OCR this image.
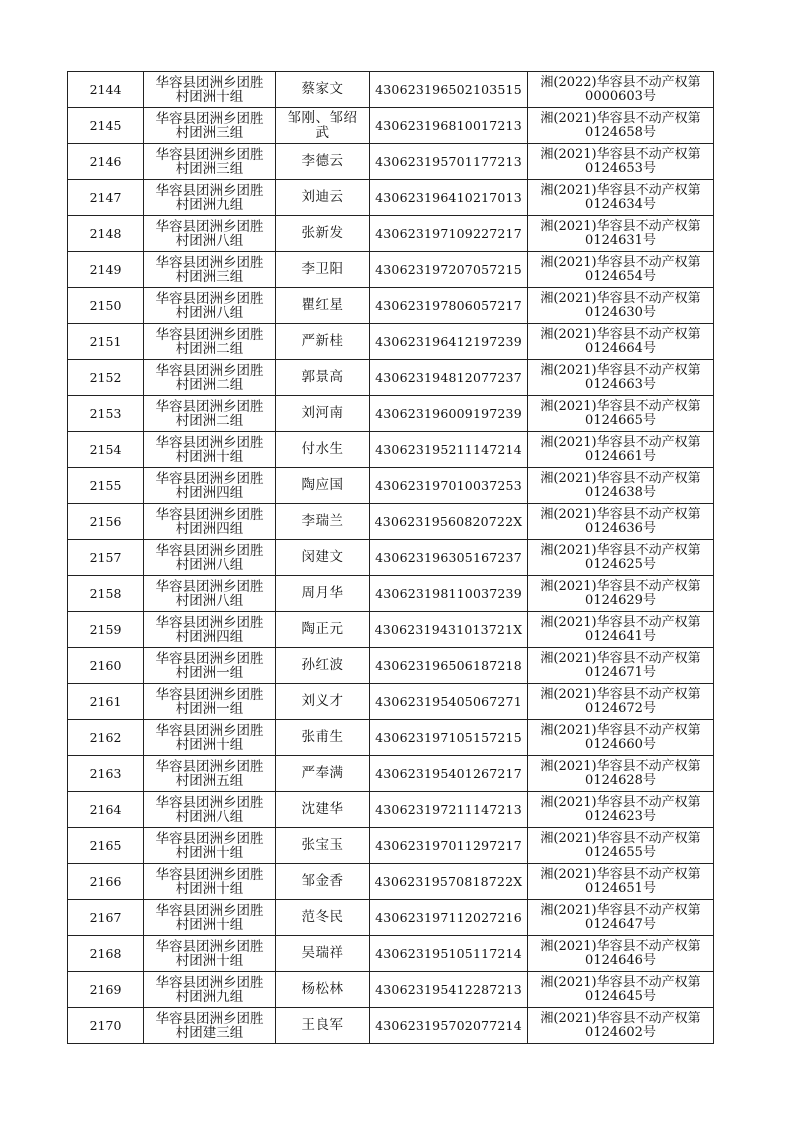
2144	华容县团洲乡团胜
村团洲十组	蔡家文	430623196502103515	湘(2022)华容县不动产权第
0000603号

2145	华容县团洲乡团胜
村团洲三组	邹刚、邹绍
武	430623196810017213	湘(2021)华容县不动产权第
0124658号

2146	华容县团洲乡团胜
村团洲三组	李德云	430623195701177213	湘(2021)华容县不动产权第
0124653号

2147	华容县团洲乡团胜
村团洲九组	刘迪云	430623196410217013	湘(2021)华容县不动产权第
0124634号

2148	华容县团洲乡团胜
村团洲八组	张新发	430623197109227217	湘(2021)华容县不动产权第
0124631号

2149	华容县团洲乡团胜
村团洲三组	李卫阳	430623197207057215	湘(2021)华容县不动产权第
0124654号

2150	华容县团洲乡团胜
村团洲八组	瞿红星	430623197806057217	湘(2021)华容县不动产权第
0124630号

2151	华容县团洲乡团胜
村团洲二组	严新桂	430623196412197239	湘(2021)华容县不动产权第
0124664号

2152	华容县团洲乡团胜
村团洲二组	郭景高	430623194812077237	湘(2021)华容县不动产权第
0124663号

2153	华容县团洲乡团胜
村团洲二组	刘河南	430623196009197239	湘(2021)华容县不动产权第
0124665号

2154	华容县团洲乡团胜
村团洲十组	付水生	430623195211147214	湘(2021)华容县不动产权第
0124661号

2155	华容县团洲乡团胜
村团洲四组	陶应国	430623197010037253	湘(2021)华容县不动产权第
0124638号

2156	华容县团洲乡团胜
村团洲四组	李瑞兰	43062319560820722X	湘(2021)华容县不动产权第
0124636号

2157	华容县团洲乡团胜
村团洲八组	闵建文	430623196305167237	湘(2021)华容县不动产权第
0124625号

2158	华容县团洲乡团胜
村团洲八组	周月华	430623198110037239	湘(2021)华容县不动产权第
0124629号

2159	华容县团洲乡团胜
村团洲四组	陶正元	43062319431013721X	湘(2021)华容县不动产权第
0124641号

2160	华容县团洲乡团胜
村团洲一组	孙红波	430623196506187218	湘(2021)华容县不动产权第
0124671号

2161	华容县团洲乡团胜
村团洲一组	刘义才	430623195405067271	湘(2021)华容县不动产权第
0124672号

2162	华容县团洲乡团胜
村团洲十组	张甫生	430623197105157215	湘(2021)华容县不动产权第
0124660号

2163	华容县团洲乡团胜
村团洲五组	严奉满	430623195401267217	湘(2021)华容县不动产权第
0124628号

2164	华容县团洲乡团胜
村团洲八组	沈建华	430623197211147213	湘(2021)华容县不动产权第
0124623号

2165	华容县团洲乡团胜
村团洲十组	张宝玉	430623197011297217	湘(2021)华容县不动产权第
0124655号

2166	华容县团洲乡团胜
村团洲十组	邹金香	43062319570818722X	湘(2021)华容县不动产权第
0124651号

2167	华容县团洲乡团胜
村团洲十组	范冬民	430623197112027216	湘(2021)华容县不动产权第
0124647号

2168	华容县团洲乡团胜
村团洲十组	吴瑞祥	430623195105117214	湘(2021)华容县不动产权第
0124646号

2169	华容县团洲乡团胜
村团洲九组	杨松林	430623195412287213	湘(2021)华容县不动产权第
0124645号

2170	华容县团洲乡团胜
村团建三组	王良军	430623195702077214	湘(2021)华容县不动产权第
0124602号
